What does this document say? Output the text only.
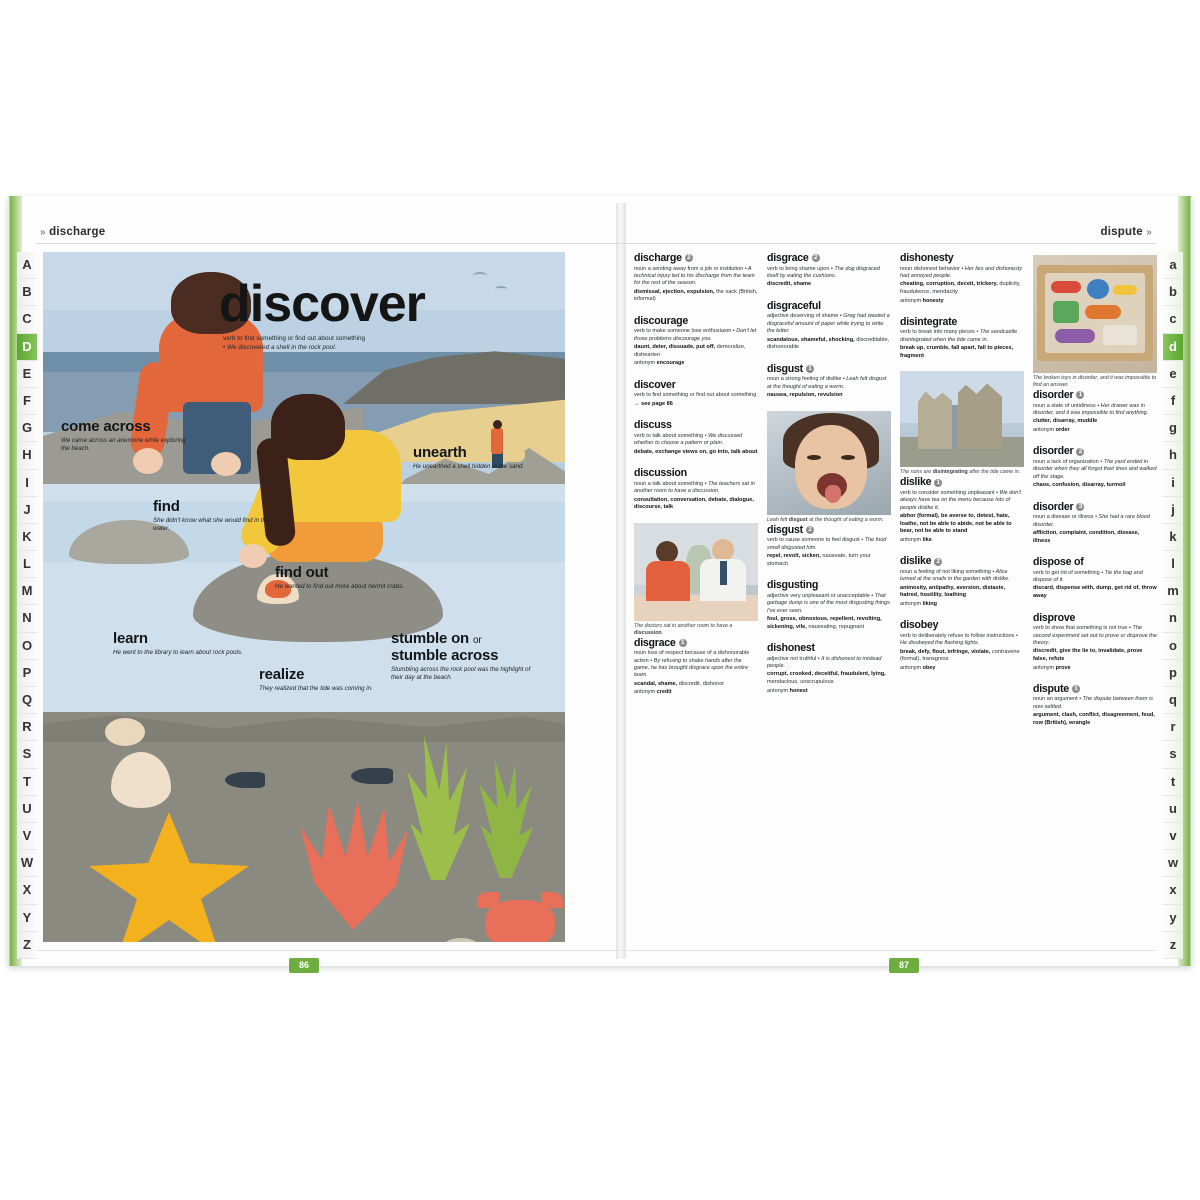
» discharge	dispute »
A
B
C
D
E
F
G
H
I
J
K
L
M
N
O
P
Q
R
S
T
U
V
W
X
Y
Z
a
b
c
d
e
f
g
h
i
j
k
l
m
n
o
p
q
r
s
t
u
v
w
x
y
z
discover
verb to find something or find out about something
• We discovered a shell in the rock pool.
come across
We came across an anemone while exploring the beach.	unearth
He unearthed a shell hidden in the sand.
find
She didn't know what she would find in the water.
find out
He wanted to find out more about hermit crabs.
learn
He went to the library to learn about rock pools.
realize
They realized that the tide was coming in.
stumble on or
stumble across
Stumbling across the rock pool was the highlight of their day at the beach.
discharge 2
noun a sending away from a job or institution • A technical injury led to his discharge from the team for the rest of the season.
dismissal, ejection, expulsion, the sack (British, informal)
discourage
verb to make someone lose enthusiasm • Don't let those problems discourage you.
daunt, deter, dissuade, put off, demoralize, dishearten
antonym encourage
discover
verb to find something or find out about something
→ see page 86
discuss
verb to talk about something • We discussed whether to choose a pattern or plain.
debate, exchange views on, go into, talk about
discussion
noun a talk about something • The teachers sat in another room to have a discussion.
consultation, conversation, debate, dialogue, discourse, talk
The doctors sat in another room to have a discussion.
disgrace 1
noun loss of respect because of a dishonorable action • By refusing to shake hands after the game, he has brought disgrace upon the entire team.
scandal, shame, discredit, dishonor
antonym credit
disgrace 2
verb to bring shame upon • The dog disgraced itself by eating the cushions.
discredit, shame
disgraceful
adjective deserving of shame • Greg had wasted a disgraceful amount of paper while trying to write the letter.
scandalous, shameful, shocking, discreditable, dishonorable
disgust 1
noun a strong feeling of dislike • Leah felt disgust at the thought of eating a worm.
nausea, repulsion, revulsion
Leah felt disgust at the thought of eating a worm.
disgust 2
verb to cause someone to feel disgust • The food smell disgusted him.
repel, revolt, sicken, nauseate, turn your stomach
disgusting
adjective very unpleasant or unacceptable • That garbage dump is one of the most disgusting things I've ever seen.
foul, gross, obnoxious, repellent, revolting, sickening, vile, nauseating, repugnant
dishonest
adjective not truthful • It is dishonest to mislead people.
corrupt, crooked, deceitful, fraudulent, lying, mendacious, unscrupulous
antonym honest
dishonesty
noun dishonest behavior • Her lies and dishonesty had annoyed people.
cheating, corruption, deceit, trickery, duplicity, fraudulence, mendacity
antonym honesty
disintegrate
verb to break into many pieces • The sandcastle disintegrated when the tide came in.
break up, crumble, fall apart, fall to pieces, fragment
The ruins are disintegrating after the tide came in.
dislike 1
verb to consider something unpleasant • We don't always have tea on the menu because lots of people dislike it.
abhor (formal), be averse to, detest, hate, loathe, not be able to abide, not be able to bear, not be able to stand
antonym like
dislike 2
noun a feeling of not liking something • Alice turned at the snails in the garden with dislike.
animosity, antipathy, aversion, distaste, hatred, hostility, loathing
antonym liking
disobey
verb to deliberately refuse to follow instructions • He disobeyed the flashing lights.
break, defy, flout, infringe, violate, contravene (formal), transgress
antonym obey
The broken toys in disorder, and it was impossible to find an answer.
disorder 1
noun a state of untidiness • Her drawer was in disorder, and it was impossible to find anything.
clutter, disarray, muddle
antonym order
disorder 2
noun a lack of organization • The yard ended in disorder when they all forgot their lines and walked off the stage.
chaos, confusion, disarray, turmoil
disorder 3
noun a disease or illness • She had a rare blood disorder.
affliction, complaint, condition, disease, illness
dispose of
verb to get rid of something • Tie the bag and dispose of it.
discard, dispense with, dump, get rid of, throw away
disprove
verb to show that something is not true • The second experiment set out to prove or disprove the theory.
discredit, give the lie to, invalidate, prove false, refute
antonym prove
dispute 1
noun an argument • The dispute between them is now settled.
argument, clash, conflict, disagreement, feud, row (British), wrangle
86	87
